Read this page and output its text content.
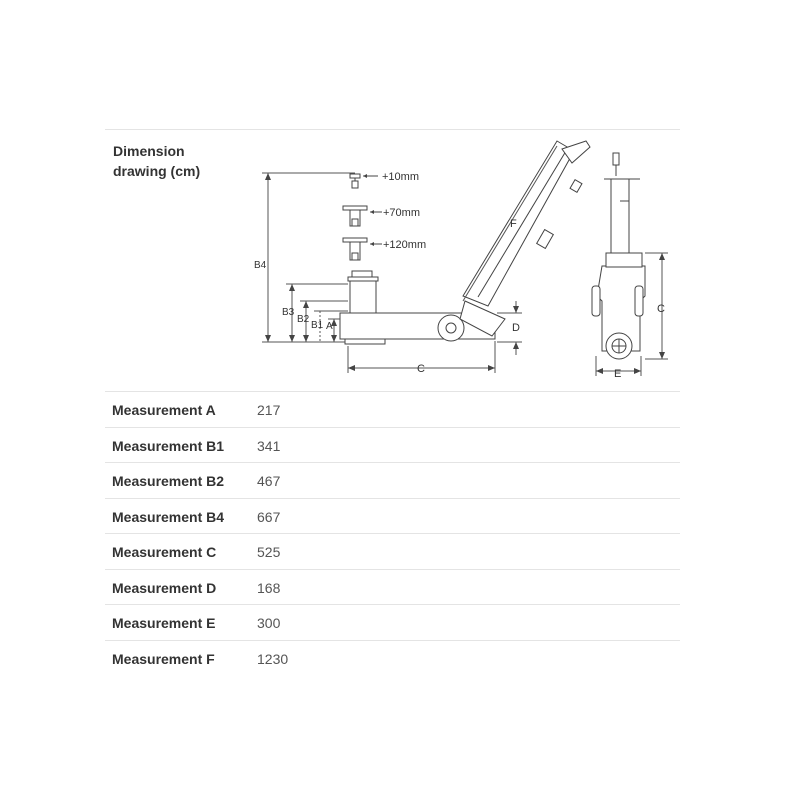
Dimension
drawing (cm)	+10mm
+70mm
+120mm
B4
B3
B2
B1 A
C
D
F
C
E
Measurement A	217
Measurement B1 341
Measurement B2 467
Measurement B4 667
Measurement C	525
Measurement D	168
Measurement E	300
Measurement F	1230
